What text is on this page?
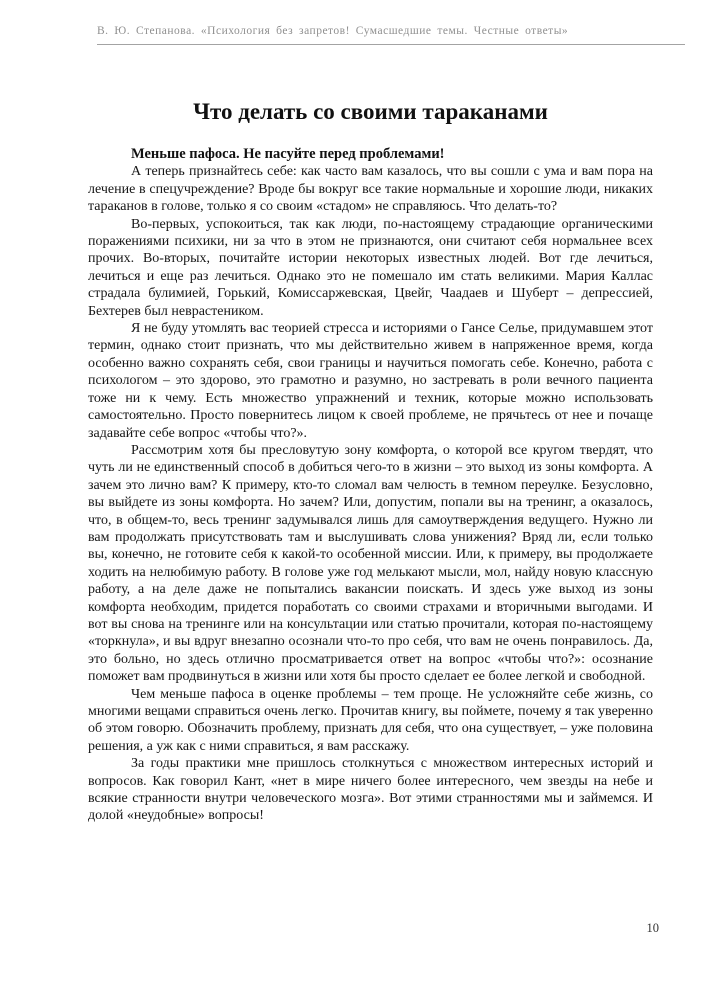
В. Ю. Степанова. «Психология без запретов! Сумасшедшие темы. Честные ответы»
Что делать со своими тараканами

Меньше пафоса. Не пасуйте перед проблемами!

А теперь признайтесь себе: как часто вам казалось, что вы сошли с ума и вам пора на лечение в спецучреждение? Вроде бы вокруг все такие нормальные и хорошие люди, никаких тараканов в голове, только я со своим «стадом» не справляюсь. Что делать-то?

Во-первых, успокоиться, так как люди, по-настоящему страдающие органическими поражениями психики, ни за что в этом не признаются, они считают себя нормальнее всех прочих. Во-вторых, почитайте истории некоторых известных людей. Вот где лечиться, лечиться и еще раз лечиться. Однако это не помешало им стать великими. Мария Каллас страдала булимией, Горький, Комиссаржевская, Цвейг, Чаадаев и Шуберт – депрессией, Бехтерев был неврастеником.

Я не буду утомлять вас теорией стресса и историями о Гансе Селье, придумавшем этот термин, однако стоит признать, что мы действительно живем в напряженное время, когда особенно важно сохранять себя, свои границы и научиться помогать себе. Конечно, работа с психологом – это здорово, это грамотно и разумно, но застревать в роли вечного пациента тоже ни к чему. Есть множество упражнений и техник, которые можно использовать самостоятельно. Просто повернитесь лицом к своей проблеме, не прячьтесь от нее и почаще задавайте себе вопрос «чтобы что?».

Рассмотрим хотя бы пресловутую зону комфорта, о которой все кругом твердят, что чуть ли не единственный способ в добиться чего-то в жизни – это выход из зоны комфорта. А зачем это лично вам? К примеру, кто-то сломал вам челюсть в темном переулке. Безусловно, вы выйдете из зоны комфорта. Но зачем? Или, допустим, попали вы на тренинг, а оказалось, что, в общем-то, весь тренинг задумывался лишь для самоутверждения ведущего. Нужно ли вам продолжать присутствовать там и выслушивать слова унижения? Вряд ли, если только вы, конечно, не готовите себя к какой-то особенной миссии. Или, к примеру, вы продолжаете ходить на нелюбимую работу. В голове уже год мелькают мысли, мол, найду новую классную работу, а на деле даже не попытались вакансии поискать. И здесь уже выход из зоны комфорта необходим, придется поработать со своими страхами и вторичными выгодами. И вот вы снова на тренинге или на консультации или статью прочитали, которая по-настоящему «торкнула», и вы вдруг внезапно осознали что-то про себя, что вам не очень понравилось. Да, это больно, но здесь отлично просматривается ответ на вопрос «чтобы что?»: осознание поможет вам продвинуться в жизни или хотя бы просто сделает ее более легкой и свободной.

Чем меньше пафоса в оценке проблемы – тем проще. Не усложняйте себе жизнь, со многими вещами справиться очень легко. Прочитав книгу, вы поймете, почему я так уверенно об этом говорю. Обозначить проблему, признать для себя, что она существует, – уже половина решения, а уж как с ними справиться, я вам расскажу.

За годы практики мне пришлось столкнуться с множеством интересных историй и вопросов. Как говорил Кант, «нет в мире ничего более интересного, чем звезды на небе и всякие странности внутри человеческого мозга». Вот этими странностями мы и займемся. И долой «неудобные» вопросы!

10
